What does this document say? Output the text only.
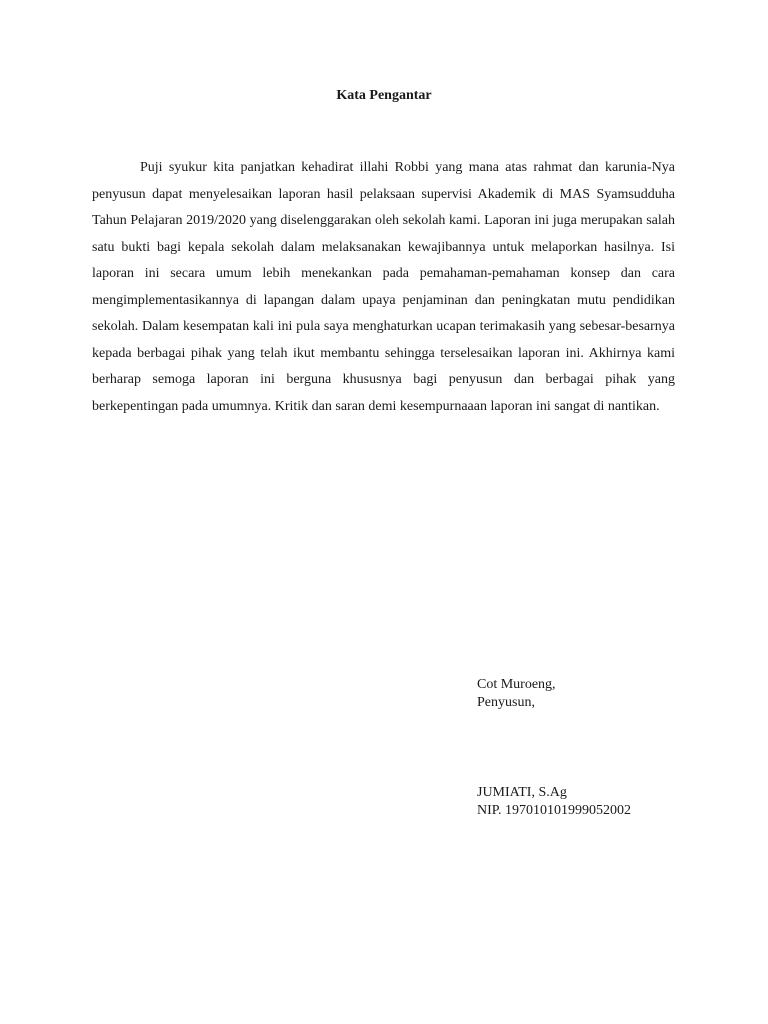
Kata Pengantar

Puji syukur kita panjatkan kehadirat illahi Robbi yang mana atas rahmat dan karunia-Nya penyusun dapat menyelesaikan laporan hasil pelaksaan supervisi Akademik di MAS Syamsudduha Tahun Pelajaran 2019/2020 yang diselenggarakan oleh sekolah kami. Laporan ini juga merupakan salah satu bukti bagi kepala sekolah dalam melaksanakan kewajibannya untuk melaporkan hasilnya. Isi laporan ini secara umum lebih menekankan pada pemahaman-pemahaman konsep dan cara mengimplementasikannya di lapangan dalam upaya penjaminan dan peningkatan mutu pendidikan sekolah. Dalam kesempatan kali ini pula saya menghaturkan ucapan terimakasih yang sebesar-besarnya kepada berbagai pihak yang telah ikut membantu sehingga terselesaikan laporan ini. Akhirnya kami berharap semoga laporan ini berguna khususnya bagi penyusun dan berbagai pihak yang berkepentingan pada umumnya. Kritik dan saran demi kesempurnaaan laporan ini sangat di nantikan.

Cot Muroeng,

Penyusun,

JUMIATI, S.Ag

NIP. 197010101999052002
